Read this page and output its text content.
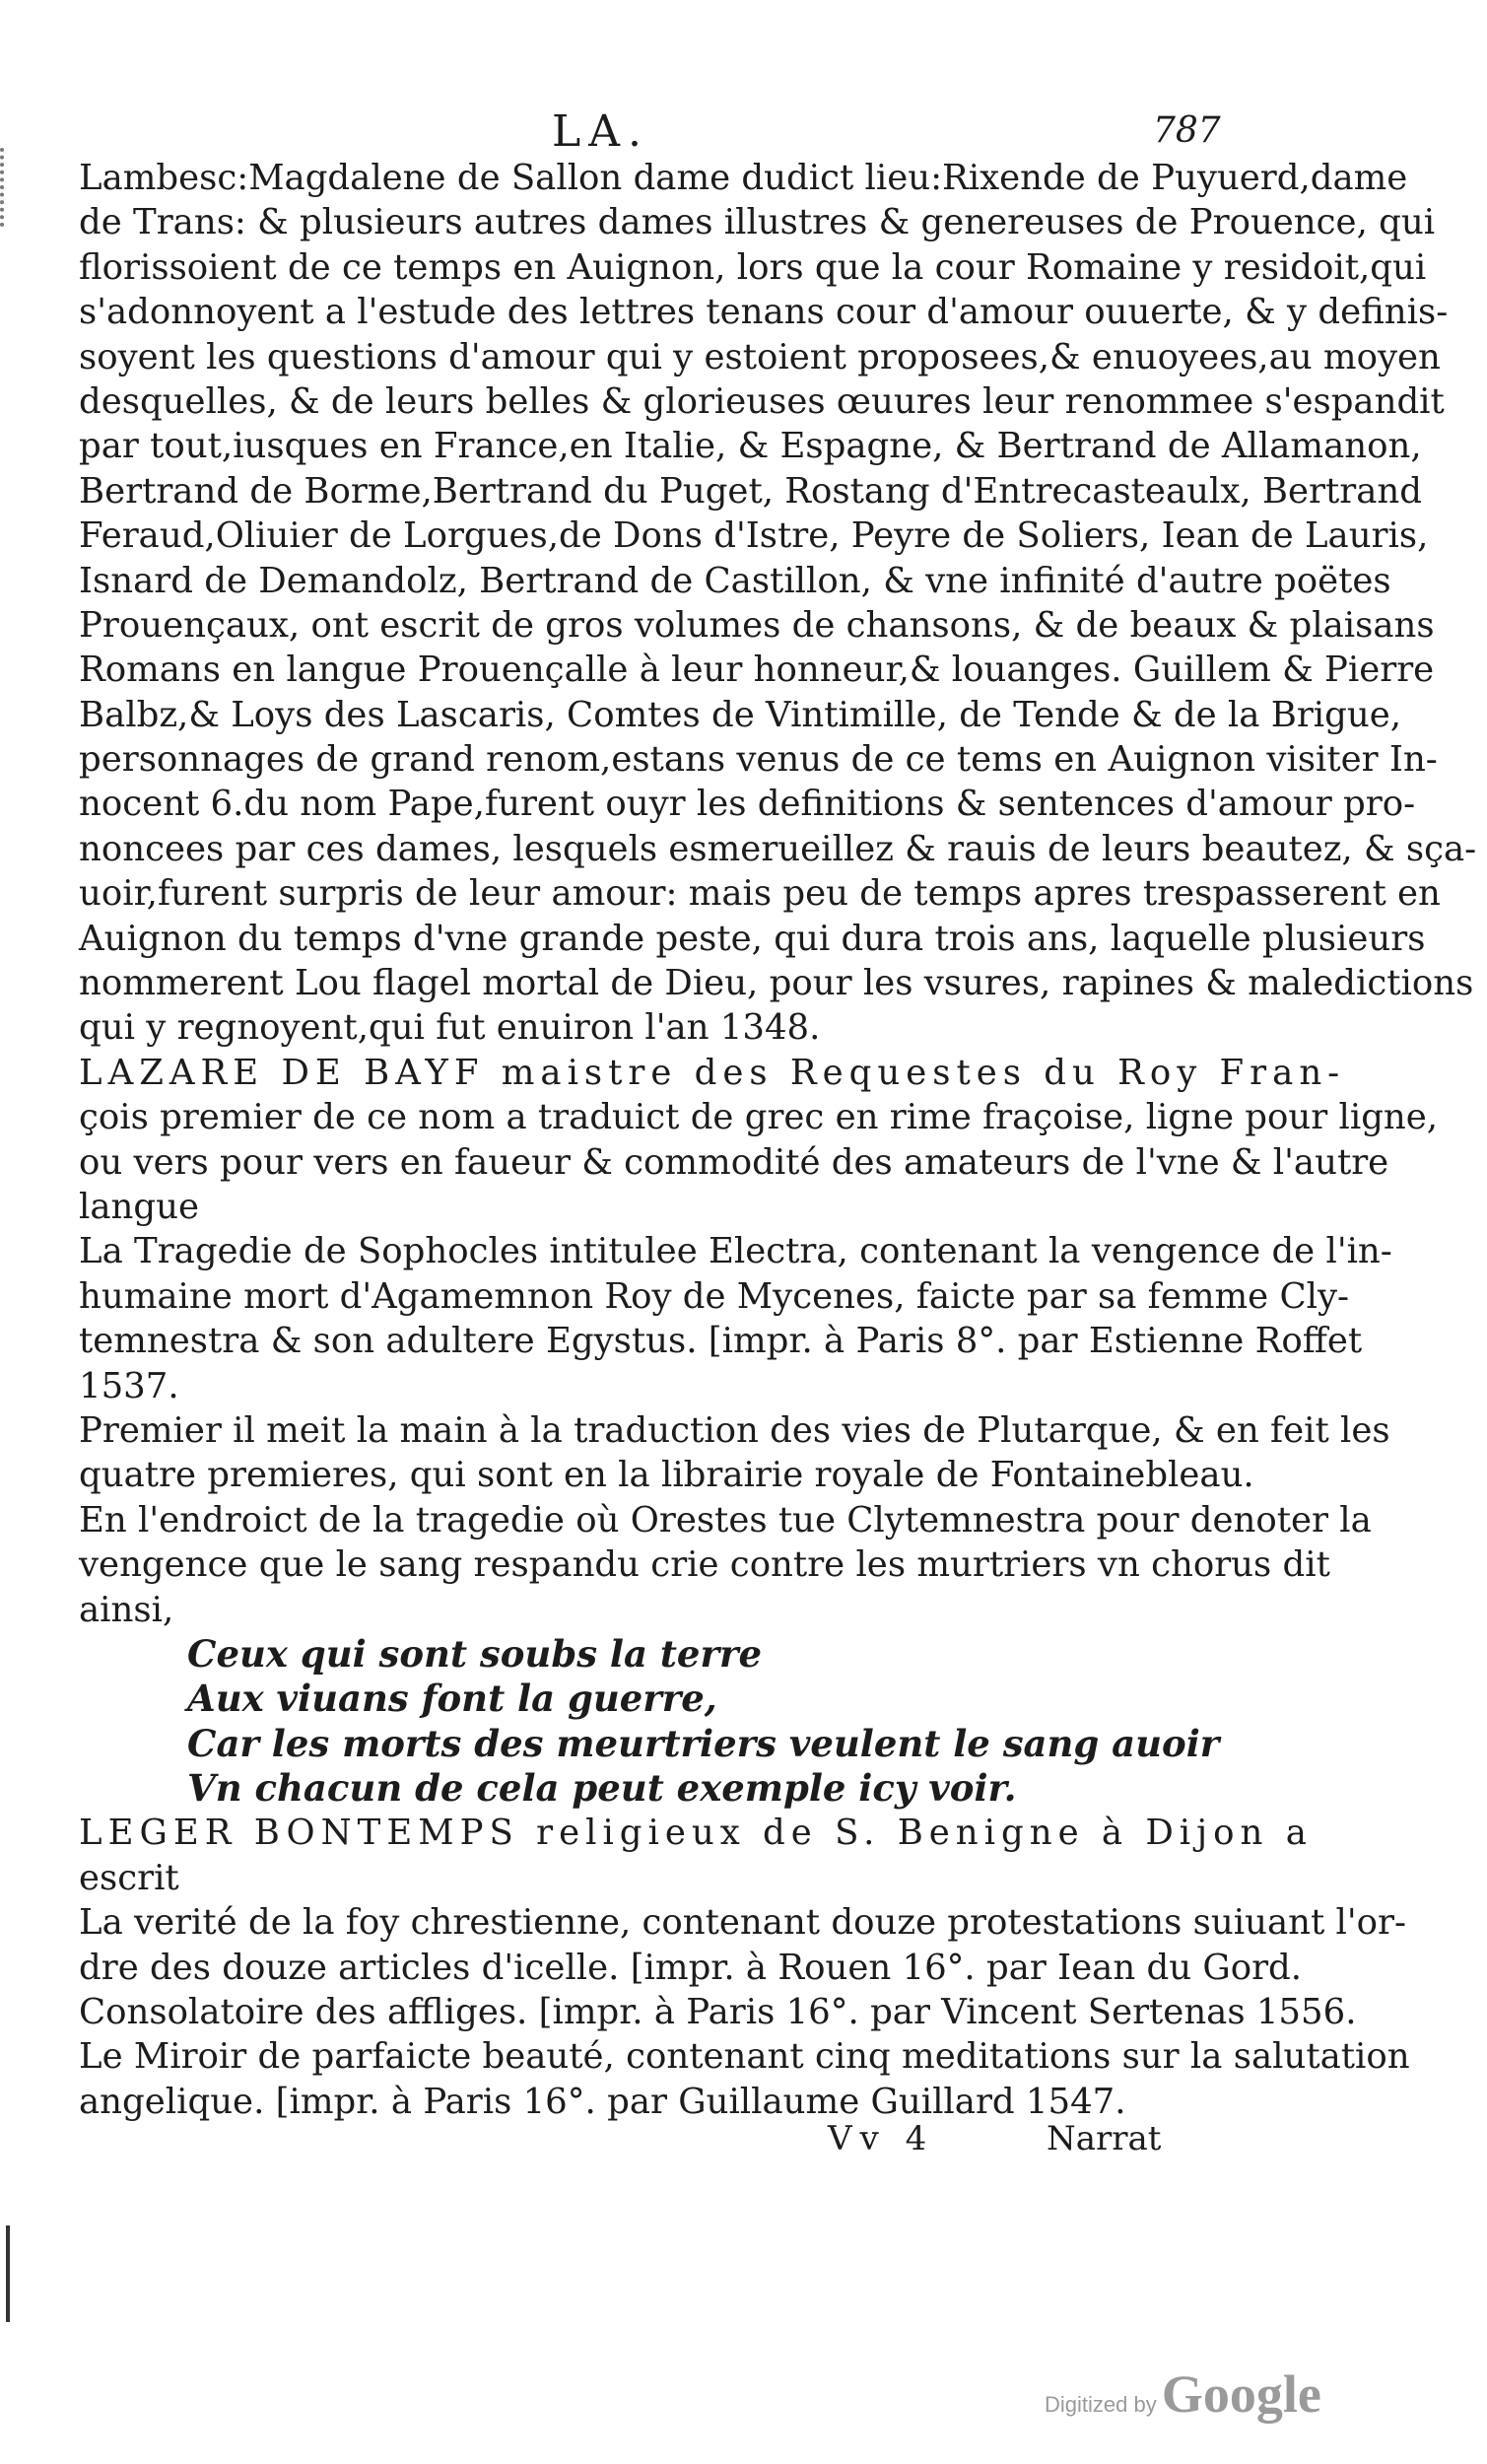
LA.	787
Lambesc:Magdalene de Sallon dame dudict lieu:Rixende de Puyuerd,dame
de Trans: & plusieurs autres dames illustres & genereuses de Prouence, qui
florissoient de ce temps en Auignon, lors que la cour Romaine y residoit,qui
s'adonnoyent a l'estude des lettres tenans cour d'amour ouuerte, & y definis-
soyent les questions d'amour qui y estoient proposees,& enuoyees,au moyen
desquelles, & de leurs belles & glorieuses œuures leur renommee s'espandit
par tout,iusques en France,en Italie, & Espagne, & Bertrand de Allamanon,
Bertrand de Borme,Bertrand du Puget, Rostang d'Entrecasteaulx, Bertrand
Feraud,Oliuier de Lorgues,de Dons d'Istre, Peyre de Soliers, Iean de Lauris,
Isnard de Demandolz, Bertrand de Castillon, & vne infinité d'autre poëtes
Prouençaux, ont escrit de gros volumes de chansons, & de beaux & plaisans
Romans en langue Prouençalle à leur honneur,& louanges. Guillem & Pierre
Balbz,& Loys des Lascaris, Comtes de Vintimille, de Tende & de la Brigue,
personnages de grand renom,estans venus de ce tems en Auignon visiter In-
nocent 6.du nom Pape,furent ouyr les definitions & sentences d'amour pro-
noncees par ces dames, lesquels esmerueillez & rauis de leurs beautez, & sça-
uoir,furent surpris de leur amour: mais peu de temps apres trespasserent en
Auignon du temps d'vne grande peste, qui dura trois ans, laquelle plusieurs
nommerent Lou flagel mortal de Dieu, pour les vsures, rapines & maledictions
qui y regnoyent,qui fut enuiron l'an 1348.
LAZARE DE BAYF maistre des Requestes du Roy Fran-
çois premier de ce nom a traduict de grec en rime fraçoise, ligne pour ligne,
ou vers pour vers en faueur & commodité des amateurs de l'vne & l'autre
langue
La Tragedie de Sophocles intitulee Electra, contenant la vengence de l'in-
humaine mort d'Agamemnon Roy de Mycenes, faicte par sa femme Cly-
temnestra & son adultere Egystus. [impr. à Paris 8°. par Estienne Roffet
1537.
Premier il meit la main à la traduction des vies de Plutarque, & en feit les
quatre premieres, qui sont en la librairie royale de Fontainebleau.
En l'endroict de la tragedie où Orestes tue Clytemnestra pour denoter la
vengence que le sang respandu crie contre les murtriers vn chorus dit
ainsi,
Ceux qui sont soubs la terre
Aux viuans font la guerre,
Car les morts des meurtriers veulent le sang auoir
Vn chacun de cela peut exemple icy voir.
LEGER BONTEMPS religieux de S. Benigne à Dijon a
escrit
La verité de la foy chrestienne, contenant douze protestations suiuant l'or-
dre des douze articles d'icelle. [impr. à Rouen 16°. par Iean du Gord.
Consolatoire des affliges. [impr. à Paris 16°. par Vincent Sertenas 1556.
Le Miroir de parfaicte beauté, contenant cinq meditations sur la salutation
angelique. [impr. à Paris 16°. par Guillaume Guillard 1547.
Vv 4	Narrat
Digitized by Google
